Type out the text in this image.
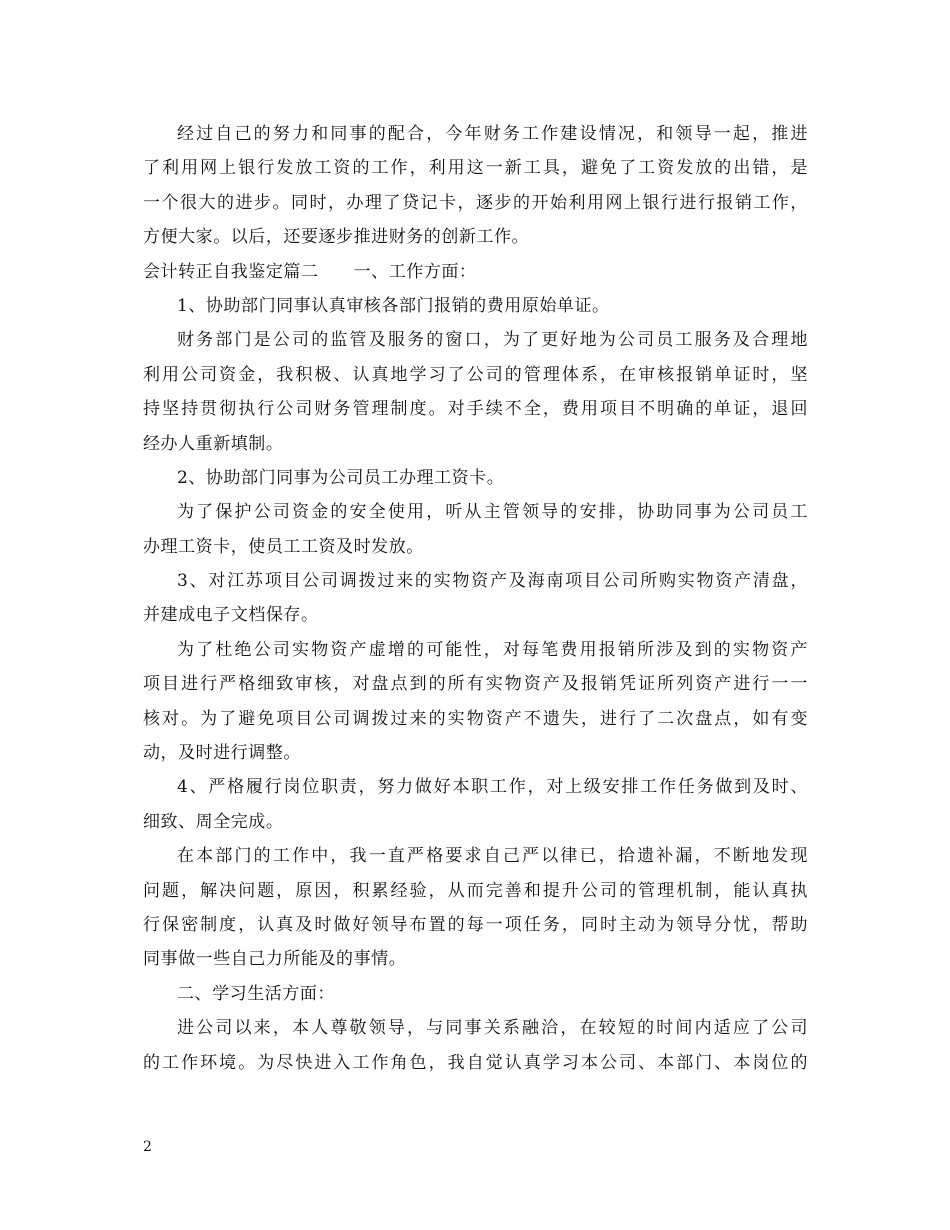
经过自己的努力和同事的配合，今年财务工作建设情况，和领导一起，推进
了利用网上银行发放工资的工作，利用这一新工具，避免了工资发放的出错，是
一个很大的进步。同时，办理了贷记卡，逐步的开始利用网上银行进行报销工作，
方便大家。以后，还要逐步推进财务的创新工作。
会计转正自我鉴定篇二　　一、工作方面：
1、协助部门同事认真审核各部门报销的费用原始单证。
财务部门是公司的监管及服务的窗口，为了更好地为公司员工服务及合理地
利用公司资金，我积极、认真地学习了公司的管理体系，在审核报销单证时，坚
持坚持贯彻执行公司财务管理制度。对手续不全，费用项目不明确的单证，退回
经办人重新填制。
2、协助部门同事为公司员工办理工资卡。
为了保护公司资金的安全使用，听从主管领导的安排，协助同事为公司员工
办理工资卡，使员工工资及时发放。
3、对江苏项目公司调拨过来的实物资产及海南项目公司所购实物资产清盘，
并建成电子文档保存。
为了杜绝公司实物资产虚增的可能性，对每笔费用报销所涉及到的实物资产
项目进行严格细致审核，对盘点到的所有实物资产及报销凭证所列资产进行一一
核对。为了避免项目公司调拨过来的实物资产不遗失，进行了二次盘点，如有变
动，及时进行调整。
4、严格履行岗位职责，努力做好本职工作，对上级安排工作任务做到及时、
细致、周全完成。
在本部门的工作中，我一直严格要求自己严以律已，拾遗补漏，不断地发现
问题，解决问题，原因，积累经验，从而完善和提升公司的管理机制，能认真执
行保密制度，认真及时做好领导布置的每一项任务，同时主动为领导分忧，帮助
同事做一些自己力所能及的事情。
二、学习生活方面：
进公司以来，本人尊敬领导，与同事关系融洽，在较短的时间内适应了公司
的工作环境。为尽快进入工作角色，我自觉认真学习本公司、本部门、本岗位的
2
